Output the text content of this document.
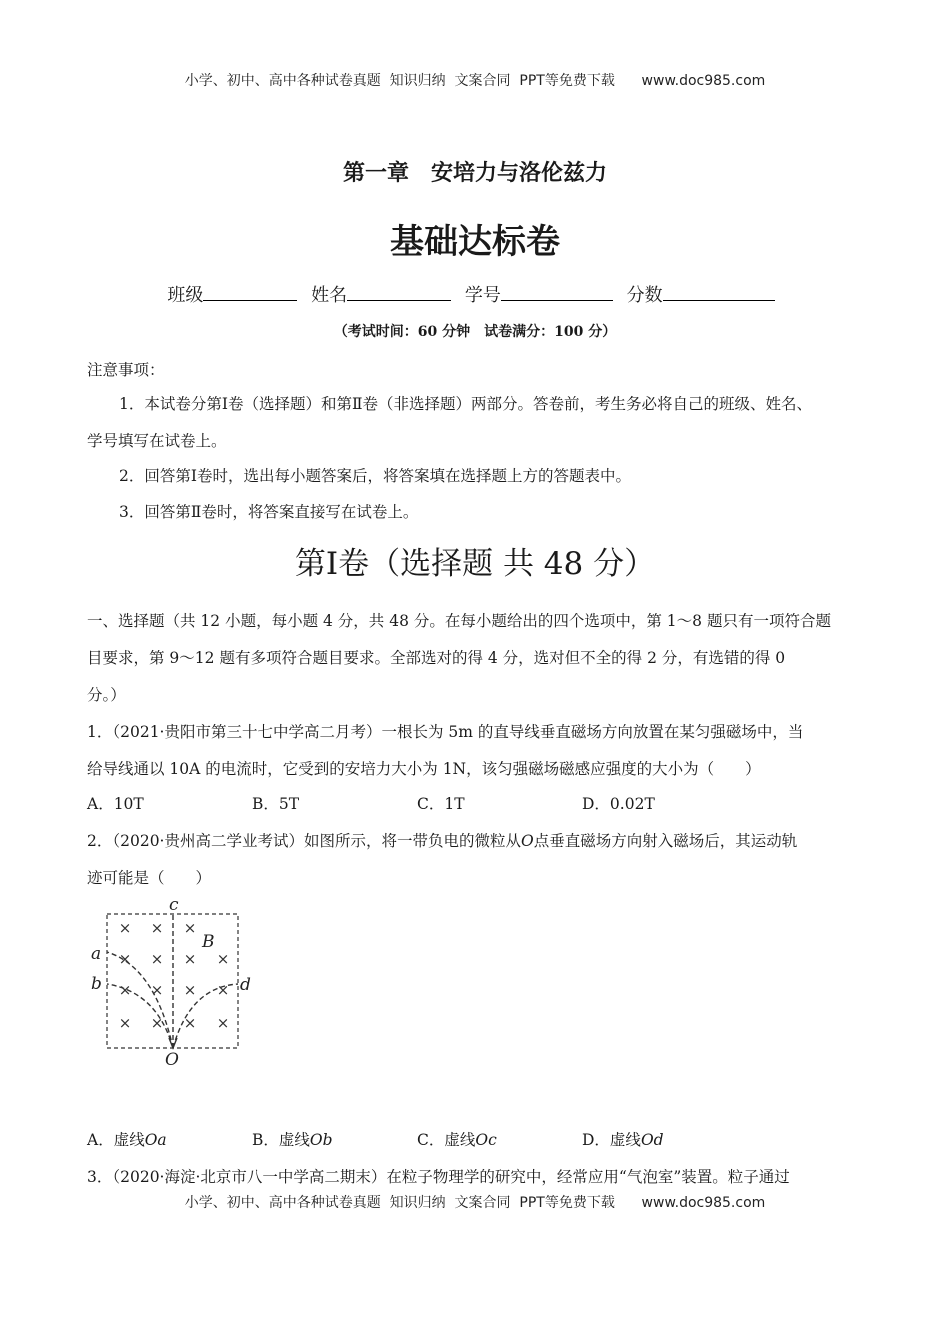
小学、初中、高中各种试卷真题  知识归纳  文案合同  PPT等免费下载 www.doc985.com
第一章　安培力与洛伦兹力
基础达标卷
班级	姓名	学号	分数
（考试时间：60 分钟　试卷满分：100 分）
注意事项：
1．本试卷分第Ⅰ卷（选择题）和第Ⅱ卷（非选择题）两部分。答卷前，考生务必将自己的班级、姓名、
学号填写在试卷上。
2．回答第Ⅰ卷时，选出每小题答案后，将答案填在选择题上方的答题表中。
3．回答第Ⅱ卷时，将答案直接写在试卷上。
第Ⅰ卷（选择题 共 48 分）
一、选择题（共 12 小题，每小题 4 分，共 48 分。在每小题给出的四个选项中，第 1～8 题只有一项符合题
目要求，第 9～12 题有多项符合题目要求。全部选对的得 4 分，选对但不全的得 2 分，有选错的得 0
分。）
1．（2021·贵阳市第三十七中学高二月考）一根长为 5m 的直导线垂直磁场方向放置在某匀强磁场中，当
给导线通以 10A 的电流时，它受到的安培力大小为 1N，该匀强磁场磁感应强度的大小为（　　）
A．10T	B．5T	C．1T	D．0.02T
2．（2020·贵州高二学业考试）如图所示，将一带负电的微粒从O点垂直磁场方向射入磁场后，其运动轨
迹可能是（　　）
× × ×
× × × ×
× × × ×
× × × ×
c
B
a
b	d
O
A．虚线Oa	B．虚线Ob	C．虚线Oc	D．虚线Od
3．（2020·海淀·北京市八一中学高二期末）在粒子物理学的研究中，经常应用“气泡室”装置。粒子通过
小学、初中、高中各种试卷真题  知识归纳  文案合同  PPT等免费下载 www.doc985.com
